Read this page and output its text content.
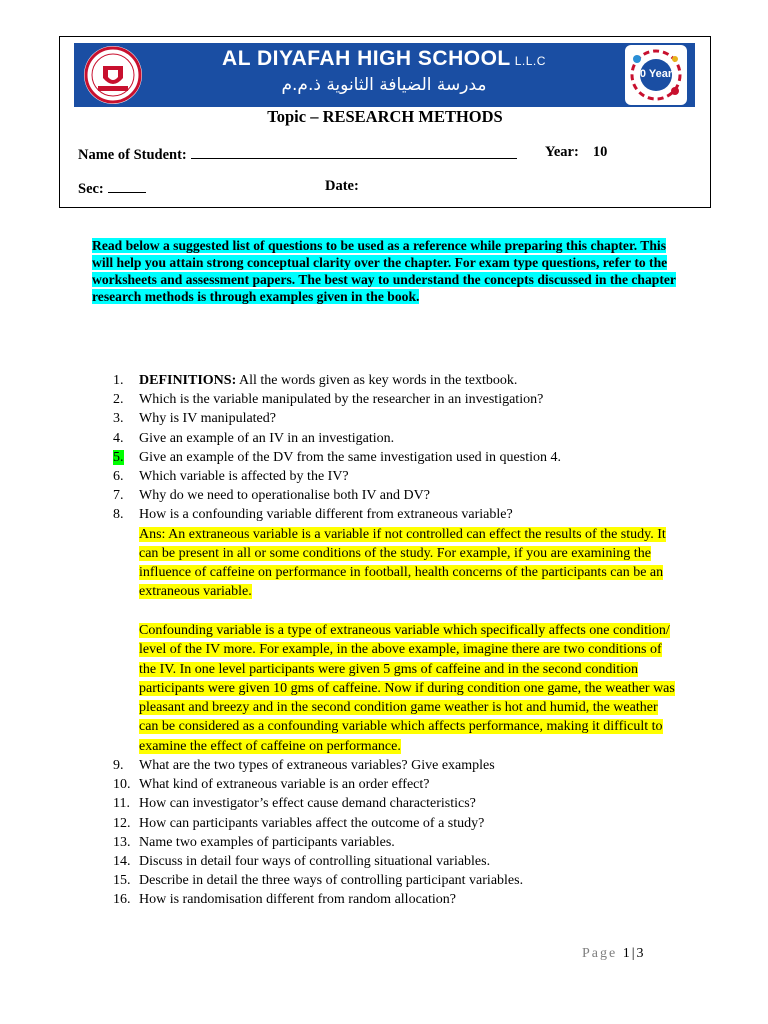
AL DIYAFAH HIGH SCHOOL L.L.C
مدرسة الضيافة الثانوية ذ.م.م
40 Years
Topic – RESEARCH METHODS
Name of Student:	Year: 10
Sec:	Date:
Read below a suggested list of questions to be used as a reference while preparing this chapter. This will help you attain strong conceptual clarity over the chapter. For exam type questions, refer to the worksheets and assessment papers. The best way to understand the concepts discussed in the chapter research methods is through examples given in the book.
1.	DEFINITIONS: All the words given as key words in the textbook.
2.	Which is the variable manipulated by the researcher in an investigation?
3.	Why is IV manipulated?
4.	Give an example of an IV in an investigation.
5.	Give an example of the DV from the same investigation used in question 4.
6.	Which variable is affected by the IV?
7.	Why do we need to operationalise both IV and DV?
8.	How is a confounding variable different from extraneous variable?

Ans: An extraneous variable is a variable if not controlled can effect the results of the study. It can be present in all or some conditions of the study. For example, if you are examining the influence of caffeine on performance in football, health concerns of the participants can be an extraneous variable.

Confounding variable is a type of extraneous variable which specifically affects one condition/ level of the IV more. For example, in the above example, imagine there are two conditions of the IV. In one level participants were given 5 gms of caffeine and in the second condition participants were given 10 gms of caffeine. Now if during condition one game, the weather was pleasant and breezy and in the second condition game weather is hot and humid, the weather can be considered as a confounding variable which affects performance, making it difficult to examine the effect of caffeine on performance.

9.	What are the two types of extraneous variables? Give examples
10. What kind of extraneous variable is an order effect?
11. How can investigator’s effect cause demand characteristics?
12. How can participants variables affect the outcome of a study?
13. Name two examples of participants variables.
14. Discuss in detail four ways of controlling situational variables.
15. Describe in detail the three ways of controlling participant variables.
16. How is randomisation different from random allocation?
Page 1 | 3
